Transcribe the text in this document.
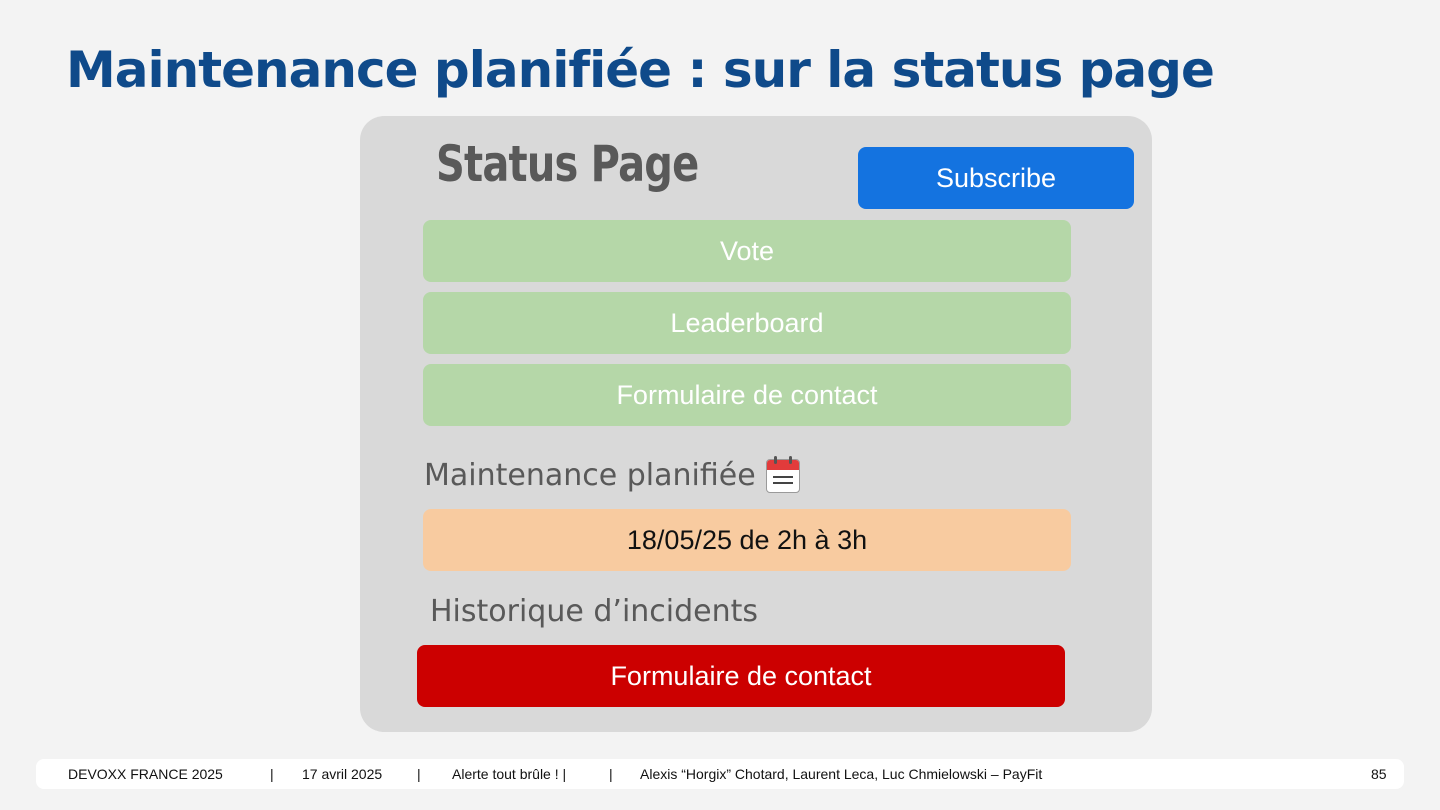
Maintenance planifiée : sur la status page
Status Page	Subscribe
Vote
Leaderboard
Formulaire de contact
Maintenance planifiée
18/05/25 de 2h à 3h
Historique d’incidents
Formulaire de contact
DEVOXX FRANCE 2025	| 17 avril 2025 | Alerte tout brûle ! |	| Alexis “Horgix” Chotard, Laurent Leca, Luc Chmielowski – PayFit	85
